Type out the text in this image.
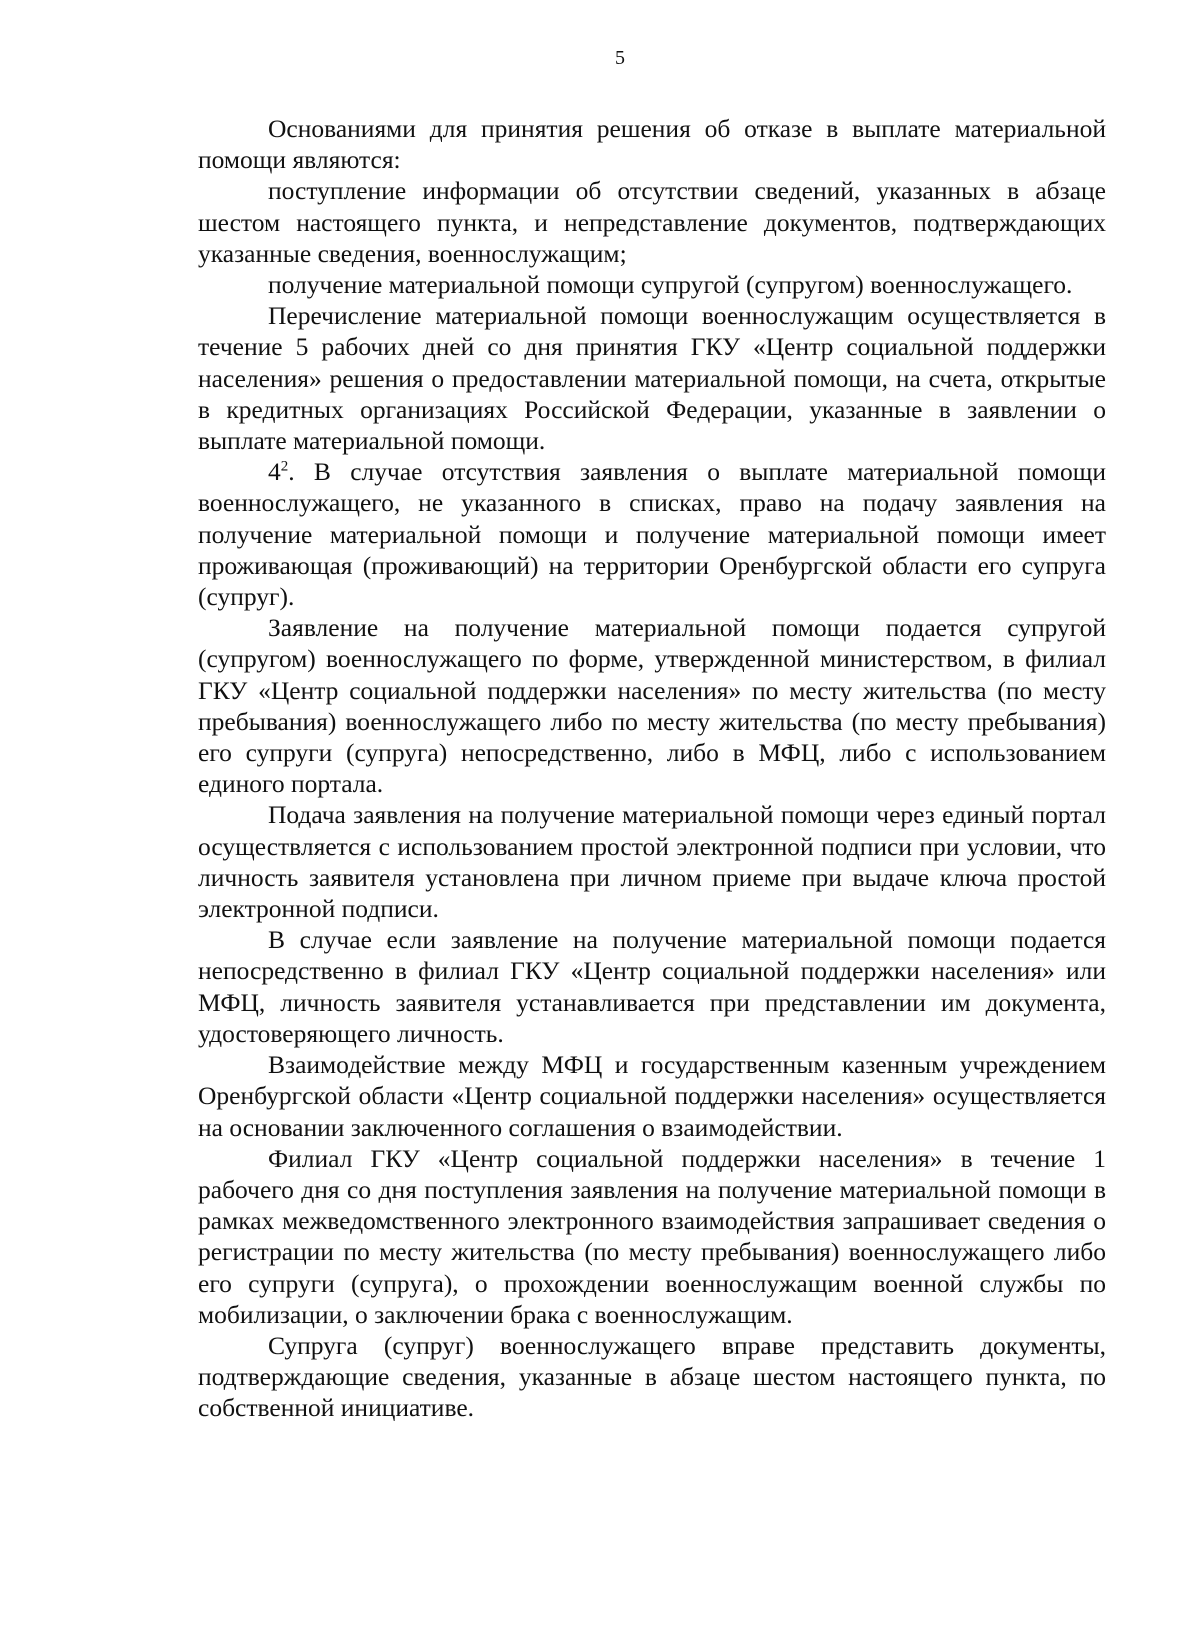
5

Основаниями для принятия решения об отказе в выплате материальной помощи являются:

поступление информации об отсутствии сведений, указанных в абзаце шестом настоящего пункта, и непредставление документов, подтверждающих указанные сведения, военнослужащим;

получение материальной помощи супругой (супругом) военнослужащего.

Перечисление материальной помощи военнослужащим осуществляется в течение 5 рабочих дней со дня принятия ГКУ «Центр социальной поддержки населения» решения о предоставлении материальной помощи, на счета, открытые в кредитных организациях Российской Федерации, указанные в заявлении о выплате материальной помощи.

$4^2$. В случае отсутствия заявления о выплате материальной помощи военнослужащего, не указанного в списках, право на подачу заявления на получение материальной помощи и получение материальной помощи имеет проживающая (проживающий) на территории Оренбургской области его супруга (супруг).

Заявление на получение материальной помощи подается супругой (супругом) военнослужащего по форме, утвержденной министерством, в филиал ГКУ «Центр социальной поддержки населения» по месту жительства (по месту пребывания) военнослужащего либо по месту жительства (по месту пребывания) его супруги (супруга) непосредственно, либо в МФЦ, либо с использованием единого портала.

Подача заявления на получение материальной помощи через единый портал осуществляется с использованием простой электронной подписи при условии, что личность заявителя установлена при личном приеме при выдаче ключа простой электронной подписи.

В случае если заявление на получение материальной помощи подается непосредственно в филиал ГКУ «Центр социальной поддержки населения» или МФЦ, личность заявителя устанавливается при представлении им документа, удостоверяющего личность.

Взаимодействие между МФЦ и государственным казенным учреждением Оренбургской области «Центр социальной поддержки населения» осуществляется на основании заключенного соглашения о взаимодействии.

Филиал ГКУ «Центр социальной поддержки населения» в течение 1 рабочего дня со дня поступления заявления на получение материальной помощи в рамках межведомственного электронного взаимодействия запрашивает сведения о регистрации по месту жительства (по месту пребывания) военнослужащего либо его супруги (супруга), о прохождении военнослужащим военной службы по мобилизации, о заключении брака с военнослужащим.

Супруга (супруг) военнослужащего вправе представить документы, подтверждающие сведения, указанные в абзаце шестом настоящего пункта, по собственной инициативе.
